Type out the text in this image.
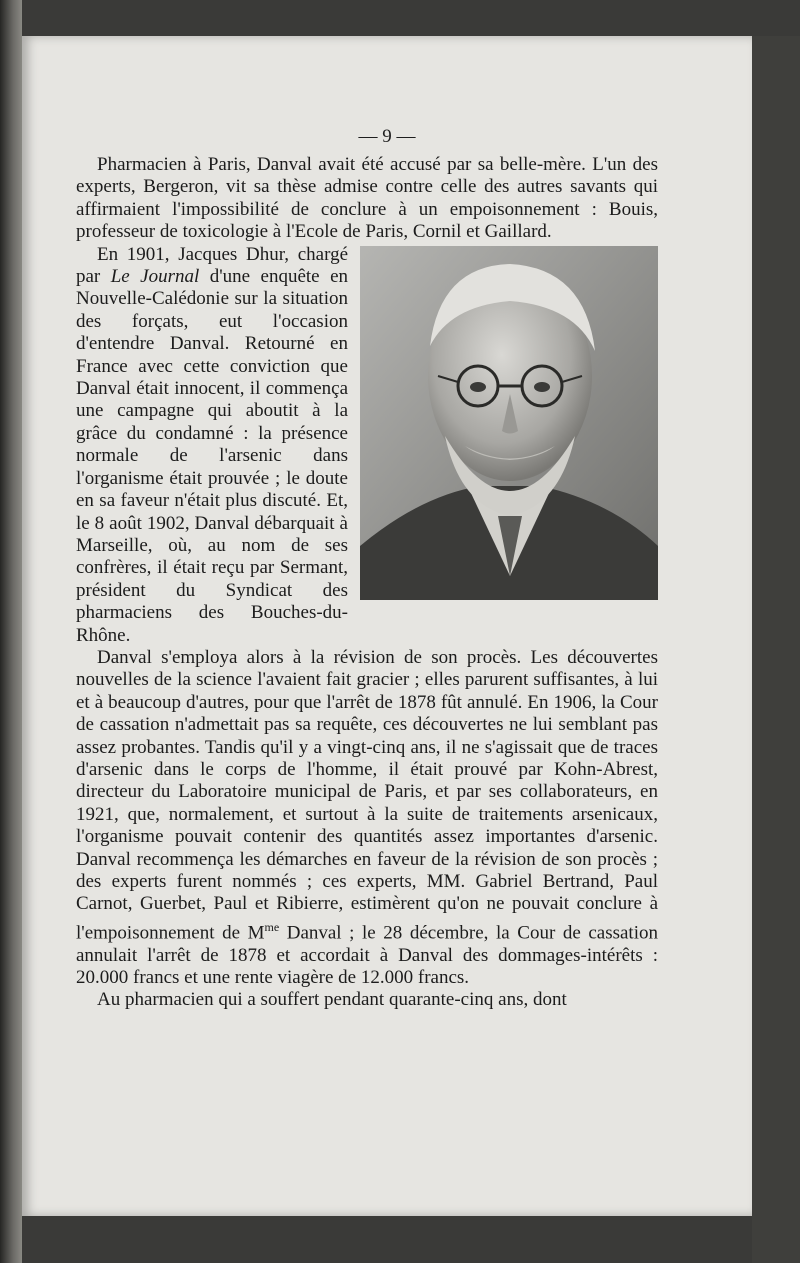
— 9 —

Pharmacien à Paris, Danval avait été accusé par sa belle-mère. L'un des experts, Bergeron, vit sa thèse admise contre celle des autres savants qui affirmaient l'impossibilité de conclure à un empoisonnement : Bouis, professeur de toxicologie à l'Ecole de Paris, Cornil et Gaillard.

En 1901, Jacques Dhur, chargé par Le Journal d'une enquête en Nouvelle-Calédonie sur la situation des forçats, eut l'occasion d'entendre Danval. Retourné en France avec cette conviction que Danval était innocent, il commença une campagne qui aboutit à la grâce du condamné : la présence normale de l'arsenic dans l'organisme était prouvée ; le doute en sa faveur n'était plus discuté. Et, le 8 août 1902, Danval débarquait à Marseille, où, au nom de ses confrères, il était reçu par Sermant, président du Syndicat des pharmaciens des Bouches-du-Rhône.

Danval s'employa alors à la révision de son procès. Les découvertes nouvelles de la science l'avaient fait gracier ; elles parurent suffisantes, à lui et à beaucoup d'autres, pour que l'arrêt de 1878 fût annulé. En 1906, la Cour de cassation n'admettait pas sa requête, ces découvertes ne lui semblant pas assez probantes. Tandis qu'il y a vingt-cinq ans, il ne s'agissait que de traces d'arsenic dans le corps de l'homme, il était prouvé par Kohn-Abrest, directeur du Laboratoire municipal de Paris, et par ses collaborateurs, en 1921, que, normalement, et surtout à la suite de traitements arsenicaux, l'organisme pouvait contenir des quantités assez importantes d'arsenic. Danval recommença les démarches en faveur de la révision de son procès ; des experts furent nommés ; ces experts, MM. Gabriel Bertrand, Paul Carnot, Guerbet, Paul et Ribierre, estimèrent qu'on ne pouvait conclure à l'empoisonnement de $M^{me}$ Danval ; le 28 décembre, la Cour de cassation annulait l'arrêt de 1878 et accordait à Danval des dommages-intérêts : 20.000 francs et une rente viagère de 12.000 francs.

Au pharmacien qui a souffert pendant quarante-cinq ans, dont
